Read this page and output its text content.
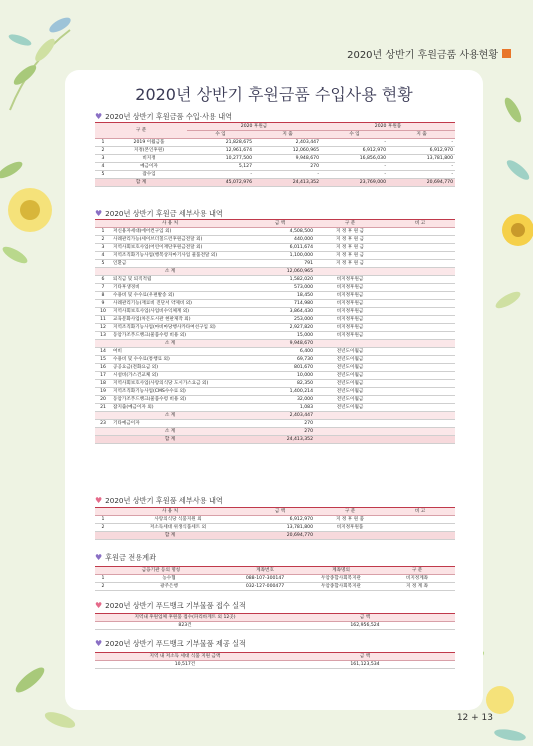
2020년 상반기 후원금품 사용현황
2020년 상반기 후원금품 수입사용 현황
♥ 2020년 상반기 후원금품 수입·사용 내역
구 분		2020 후원금		2020 후원품	
		수 입	지 출	수 입	지 출
1	2019 이월금품	21,828,675	2,403,447	-	-
2	지정(본인후원)	12,961,674	12,060,965	6,912,970	6,912,970
3	비지정	10,277,500	9,948,670	16,856,030	13,781,800
4	예금이자	5,127	270	-	-
5	잡수입	-	-	-	-
합 계		45,072,976	24,413,352	23,769,000	20,694,770
♥ 2020년 상반기 후원금 세부사용 내역
사 용 처		금 액	구 분	비 고
1	저신용자세대(에어컨구입 외)	4,508,500	지 정 후 원 금	
2	사례관리가능(세이브더칠드런후원금전달 외)	440,000	지 정 후 원 금	
3	지역사회보호사업(어린이재단후원금전달 외)	6,011,674	지 정 후 원 금	
4	지역조직화기능사업(행복상자마기사업 물품전달 외)	1,100,000	지 정 후 원 금	
5	인환금	791	지 정 후 원 금	
소 계		12,060,965		
6	퇴직금 및 퇴직적립	1,582,020	비지정후원금	
7	기타후생경비	573,000	비지정후원금	
8	수용비 및 수수료(우편발송 외)	18,450	비지정후원금	
9	사례관리기능(재료비 진단서 약제비 외)	714,980	비지정후원금	
10	지역사회보호사업(사업비수익체계 외)	3,864,430	비지정후원금	
11	교육문화사업(차돈도시관 현판제작 외)	253,000	비지정후원금	
12	지역조직화기능사업(마비마당행사카타여선구입 외)	2,927,820	비지정후원금	
13	동암가조푸드뱅크(물품수령 비용 외)	15,000	비지정후원금	
소 계		9,948,670		
14	여비	6,400	전년도이월금	
15	수용비 및 수수료(통행료 외)	69,730	전년도이월금	
16	공공요금(전화요금 외)	801,670	전년도이월금	
17	시설비(가스건교체 외)	10,000	전년도이월금	
18	지역사회보호사업(사랑의식당 도시가스요금 외)	82,350	전년도이월금	
19	지역조직화기능사업(CMS수수료 외)	1,400,214	전년도이월금	
20	동암가조푸드뱅크(물품수령 비용 외)	32,000	전년도이월금	
21	잡지출(예금이자 외)	1,083	전년도이월금	
소 계		2,403,447		
23	기타예금이자	270		
소 계		270		
합 계		24,413,352		
♥ 2020년 상반기 후원품 세부사용 내역
사 용 처		금 액	구 분	비 고
1	사랑의식당 식품지원 외	6,912,970	지 정 후 원 품	
2	저소득세대 위생식품세트 외	13,781,800	비지정후원품	
합 계		20,694,770		
♥ 후원금 전용계좌
금융기관 등의 명칭		계좌번호	계좌명의	구 분
1	농수협	088-107-300147	두암종합사회복지관	비지정계좌
2	광주은행	032-127-000477	두암종합사회복지관	지 정 계 좌
♥ 2020년 상반기 푸드뱅크 기부물품 접수 실적
지역내 후원업체 후원품 접수(파리바게트 외 12곳)	금 액
823건	162,956,524
♥ 2020년 상반기 푸드뱅크 기부물품 제공 실적
지역 내 저소득 세대 식품 지원 금액	금 액
10,517건	161,123,534
12 + 13
